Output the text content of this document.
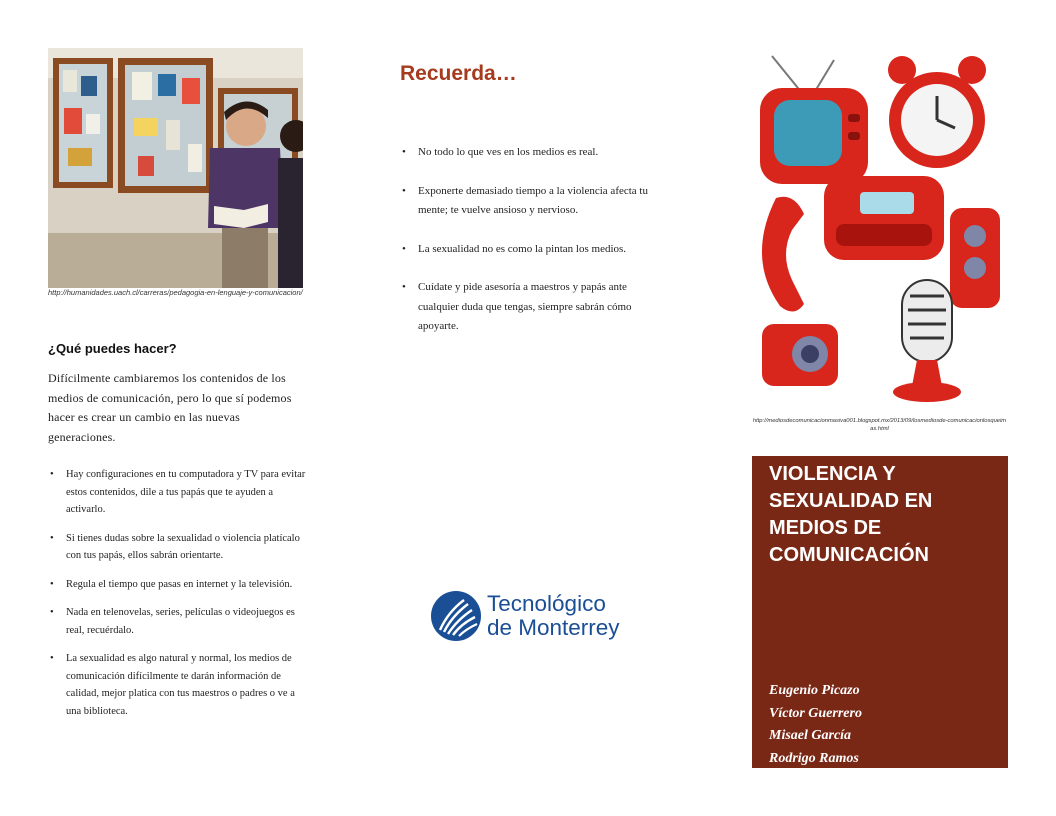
http://humanidades.uach.cl/carreras/pedagogia-en-lenguaje-y-comunicacion/
¿Qué puedes hacer?

Difícilmente cambiaremos los contenidos de los medios de comunicación, pero lo que sí podemos hacer es crear un cambio en las nuevas generaciones.

• Hay configuraciones en tu computadora y TV para evitar estos contenidos, dile a tus papás que te ayuden a activarlo.
• Si tienes dudas sobre la sexualidad o violencia platícalo con tus papás, ellos sabrán orientarte.
• Regula el tiempo que pasas en internet y la televisión.
• Nada en telenovelas, series, películas o videojuegos es real, recuérdalo.
• La sexualidad es algo natural y normal, los medios de comunicación difícilmente te darán información de calidad, mejor platica con tus maestros o padres o ve a una biblioteca.
Recuerda…
• No todo lo que ves en los medios es real.
• Exponerte demasiado tiempo a la violencia afecta tu mente; te vuelve ansioso y nervioso.
• La sexualidad no es como la pintan los medios.
• Cuídate y pide asesoría a maestros y papás ante cualquier duda que tengas, siempre sabrán cómo apoyarte.
Tecnológico
de Monterrey
http://mediosdecomunicacionmasiva001.blogspot.mx/2013/09/losmediosde-comunicacionlosqueimas.html
VIOLENCIA Y SEXUALIDAD EN MEDIOS DE COMUNICACIÓN
Eugenio Picazo
Víctor Guerrero
Misael García
Rodrigo Ramos
